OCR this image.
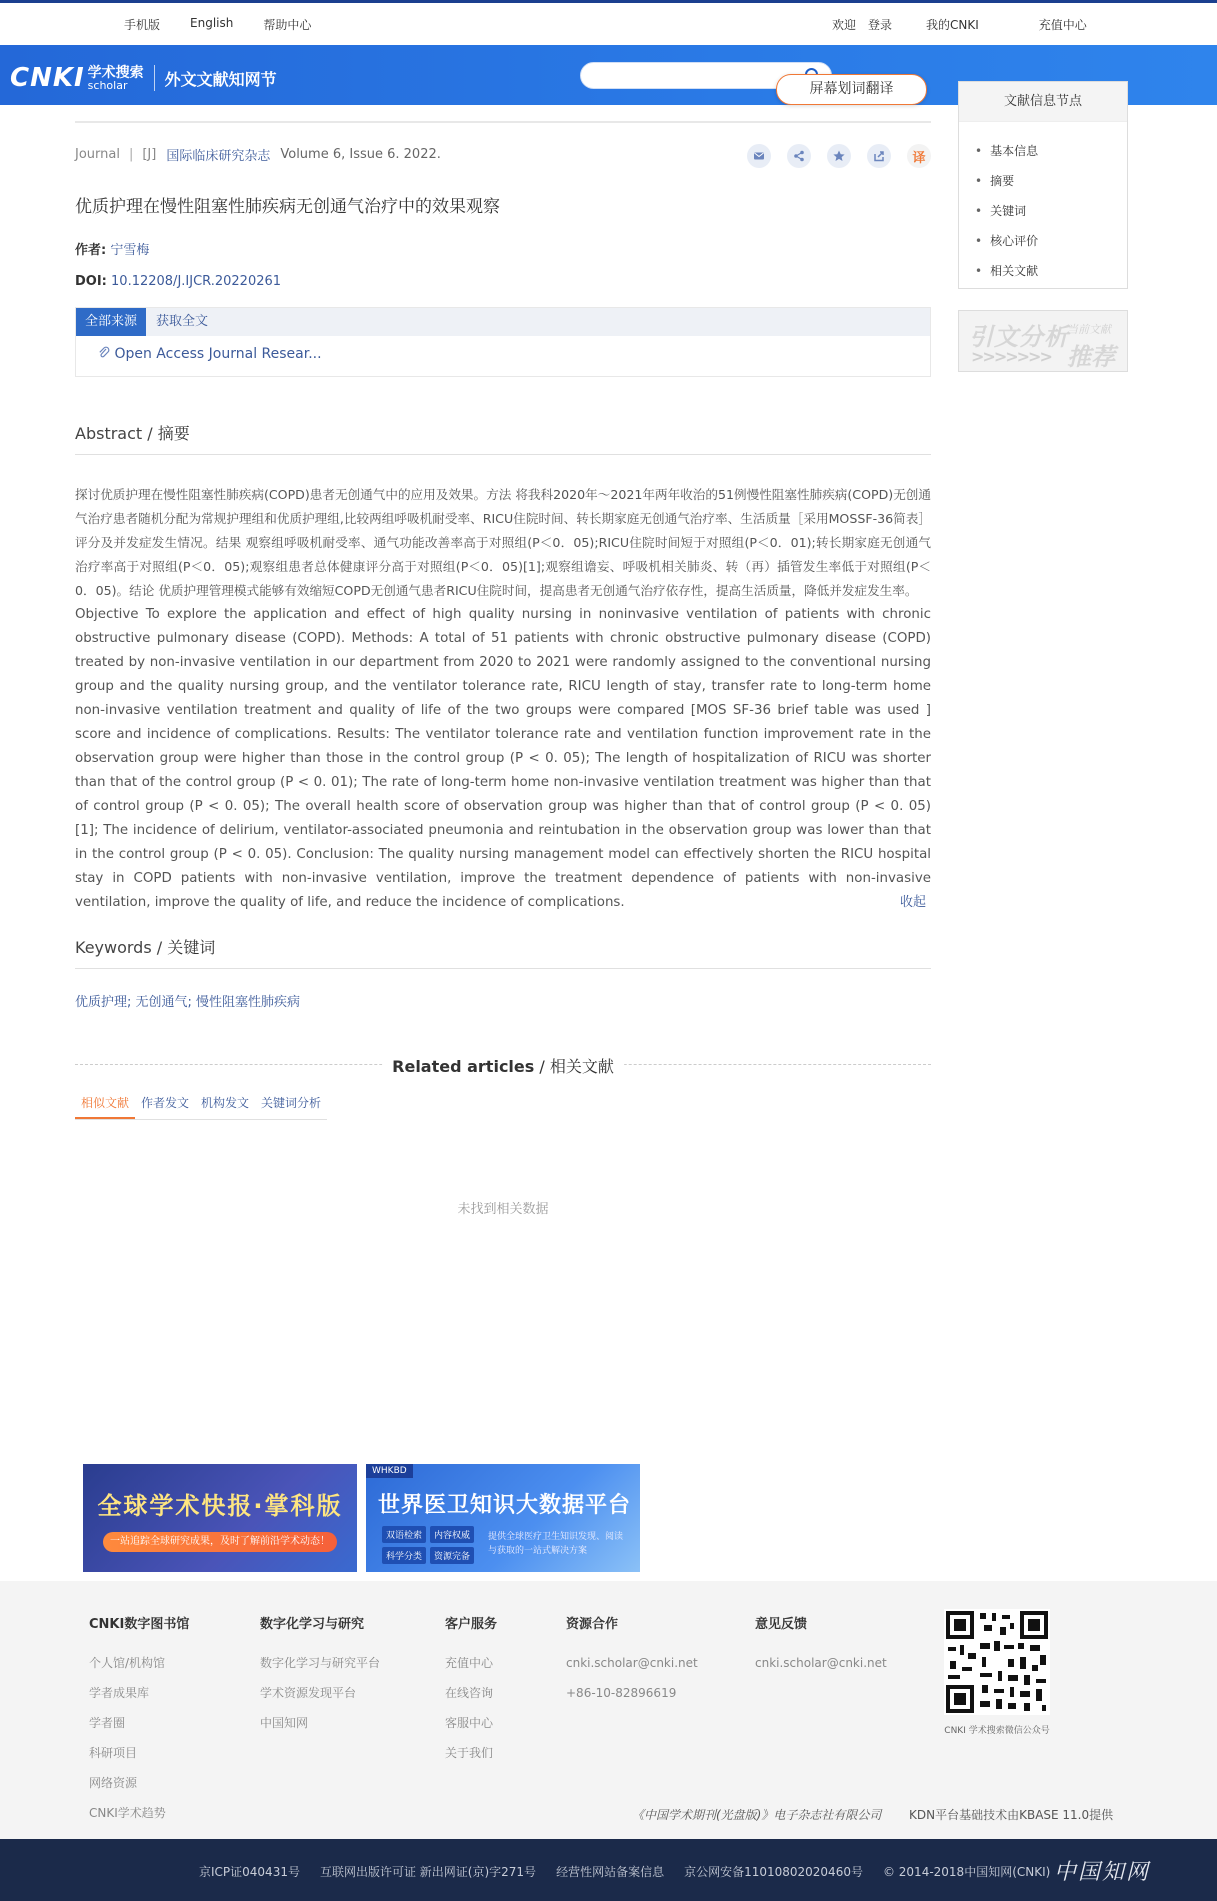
手机版	English	帮助中心	欢迎 登录	我的CNKI	充值中心
CNKI 学术搜索
scholar	外文文献知网节
Journal | [J] 国际临床研究杂志 Volume 6, Issue 6. 2022.	译
优质护理在慢性阻塞性肺疾病无创通气治疗中的效果观察
作者: 宁雪梅
DOI: 10.12208/J.IJCR.20220261
全部来源	获取全文
Open Access Journal Resear...
Abstract / 摘要

探讨优质护理在慢性阻塞性肺疾病(COPD)患者无创通气中的应用及效果。方法 将我科2020年～2021年两年收治的51例慢性阻塞性肺疾病(COPD)无创通气治疗患者随机分配为常规护理组和优质护理组,比较两组呼吸机耐受率、RICU住院时间、转长期家庭无创通气治疗率、生活质量［采用MOSSF-36简表］评分及并发症发生情况。结果 观察组呼吸机耐受率、通气功能改善率高于对照组(P＜0．05);RICU住院时间短于对照组(P＜0．01);转长期家庭无创通气治疗率高于对照组(P＜0．05);观察组患者总体健康评分高于对照组(P＜0．05)[1];观察组谵妄、呼吸机相关肺炎、转（再）插管发生率低于对照组(P＜0．05)。结论 优质护理管理模式能够有效缩短COPD无创通气患者RICU住院时间，提高患者无创通气治疗依存性，提高生活质量，降低并发症发生率。

Objective To explore the application and effect of high quality nursing in noninvasive ventilation of patients with chronic obstructive pulmonary disease (COPD). Methods: A total of 51 patients with chronic obstructive pulmonary disease (COPD) treated by non-invasive ventilation in our department from 2020 to 2021 were randomly assigned to the conventional nursing group and the quality nursing group, and the ventilator tolerance rate, RICU length of stay, transfer rate to long-term home non-invasive ventilation treatment and quality of life of the two groups were compared [MOS SF-36 brief table was used ] score and incidence of complications. Results: The ventilator tolerance rate and ventilation function improvement rate in the observation group were higher than those in the control group (P < 0. 05); The length of hospitalization of RICU was shorter than that of the control group (P < 0. 01); The rate of long-term home non-invasive ventilation treatment was higher than that of control group (P < 0. 05); The overall health score of observation group was higher than that of control group (P < 0. 05) [1]; The incidence of delirium, ventilator-associated pneumonia and reintubation in the observation group was lower than that in the control group (P < 0. 05). Conclusion: The quality nursing management model can effectively shorten the RICU hospital stay in COPD patients with non-invasive ventilation, improve the treatment dependence of patients with non-invasive ventilation, improve the quality of life, and reduce the incidence of complications.	收起
Keywords / 关键词
优质护理; 无创通气; 慢性阻塞性肺疾病
Related articles / 相关文献
相似文献	作者发文	机构发文	关键词分析
未找到相关数据
屏幕划词翻译
文献信息节点
• 基本信息
• 摘要
• 关键词
• 核心评价
• 相关文献
引文分析
当前文献
>>>>>>> 推荐
全球学术快报·掌科版
一站追踪全球研究成果，及时了解前沿学术动态！
WHKBD
世界医卫知识大数据平台
双语检索	内容权威
科学分类	资源完备
提供全球医疗卫生知识发现、阅读与获取的一站式解决方案
CNKI数字图书馆
个人馆/机构馆
学者成果库
学者圈
科研项目
网络资源
CNKI学术趋势
数字化学习与研究
数字化学习与研究平台
学术资源发现平台
中国知网
客户服务
充值中心
在线咨询
客服中心
关于我们
资源合作
cnki.scholar@cnki.net
+86-10-82896619
意见反馈
cnki.scholar@cnki.net
CNKI 学术搜索微信公众号
《中国学术期刊(光盘版)》电子杂志社有限公司 KDN平台基础技术由KBASE 11.0提供
京ICP证040431号 互联网出版许可证 新出网证(京)字271号 经营性网站备案信息 京公网安备11010802020460号 © 2014-2018中国知网(CNKI) 中国知网
